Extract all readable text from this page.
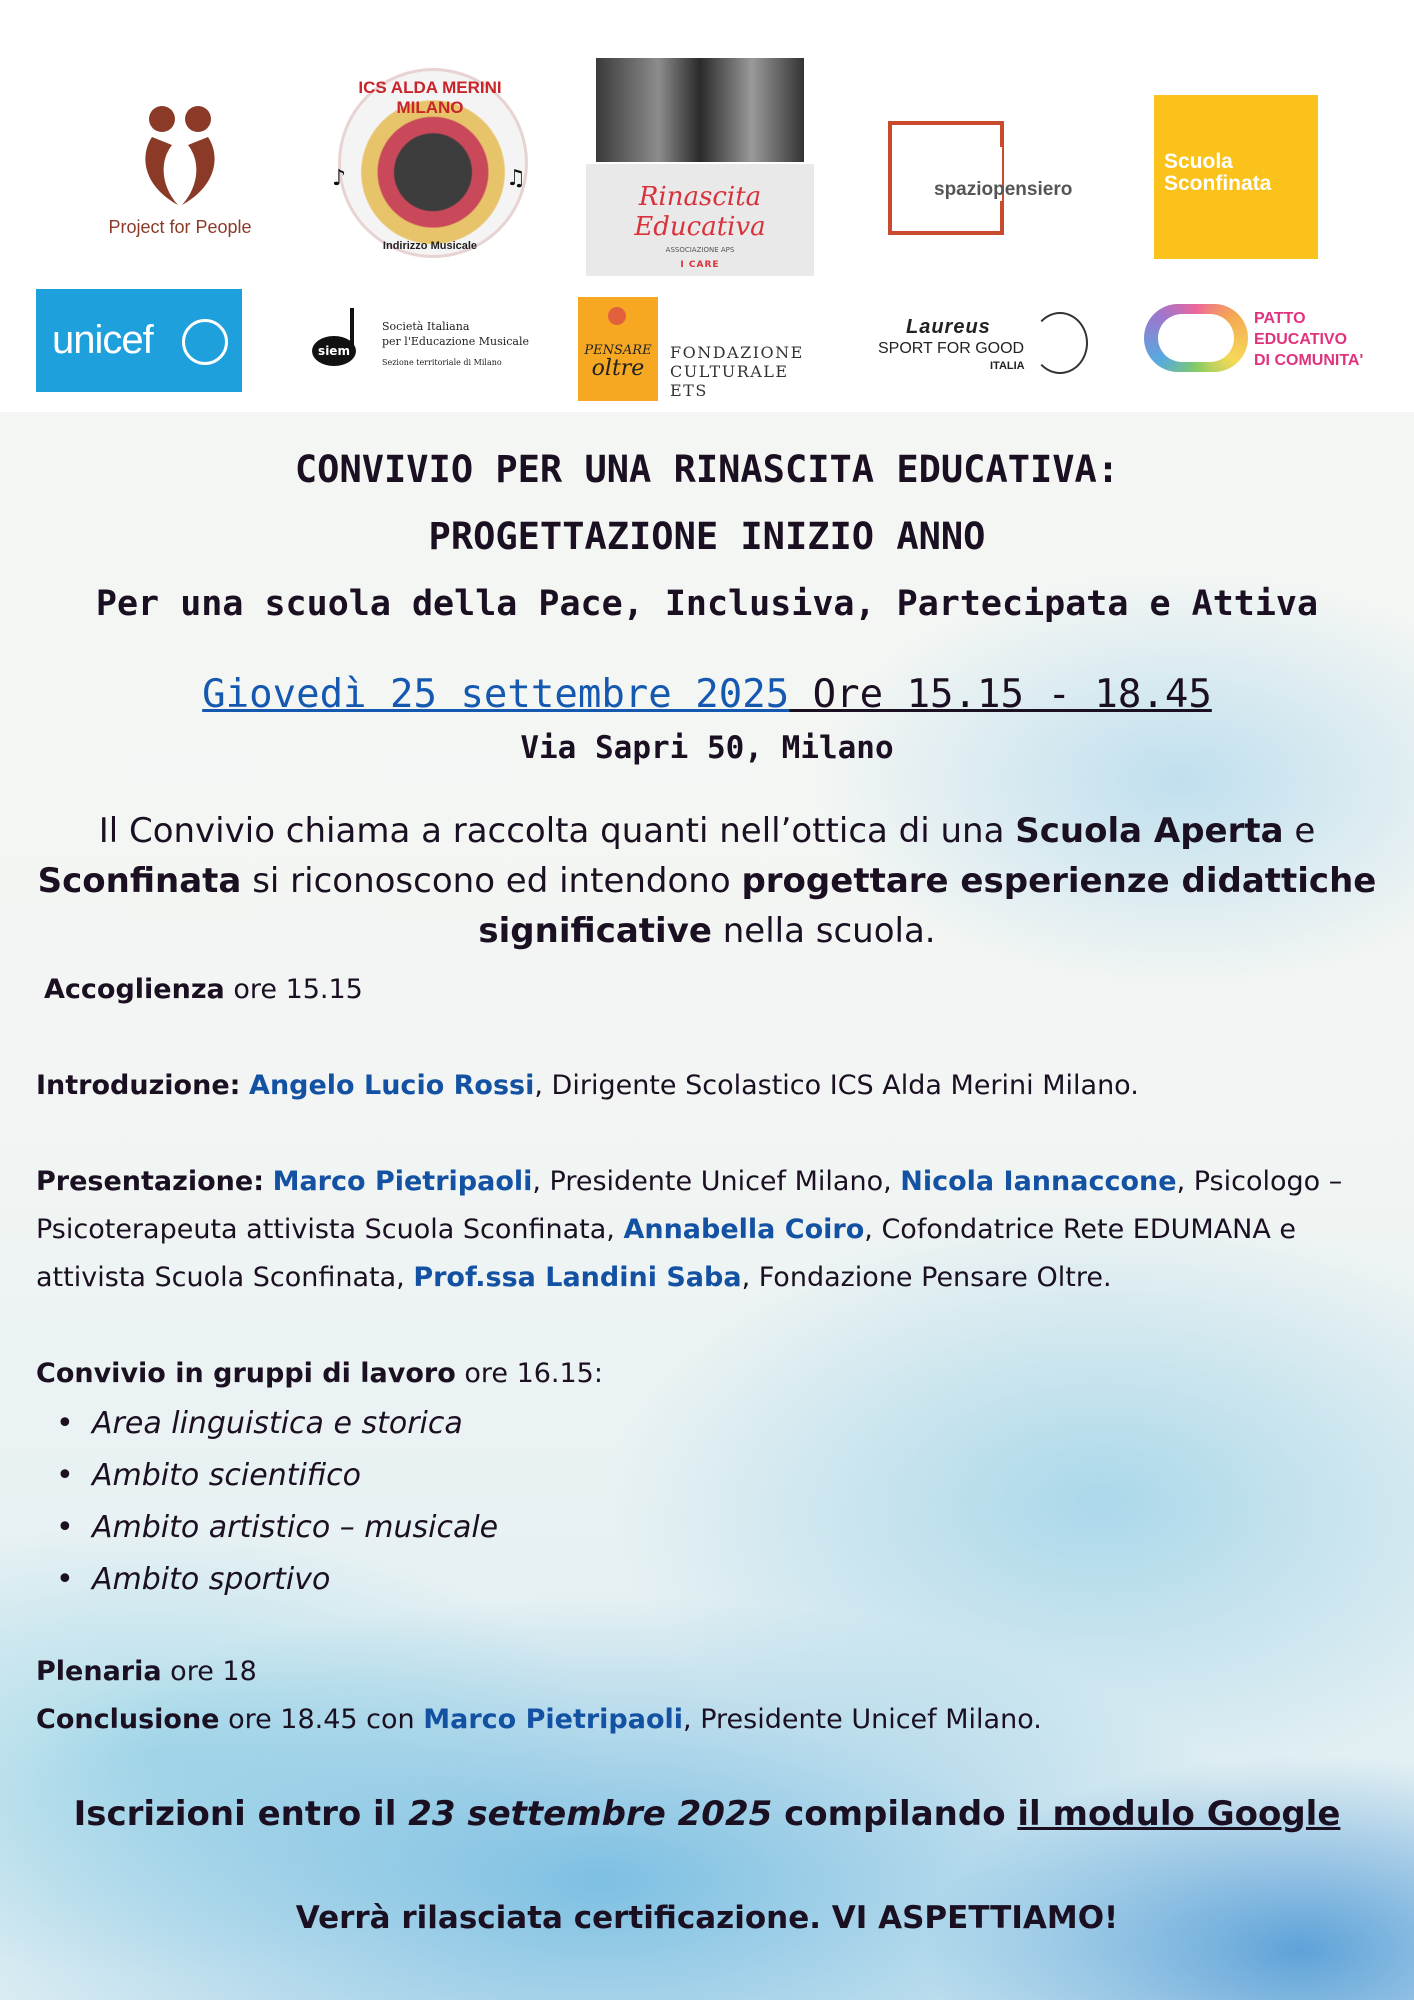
Project for People
ICS ALDA MERINI MILANO
♪	♫
Indirizzo Musicale
Rinascita Educativa
ASSOCIAZIONE APS
I CARE
spaziopensiero
Scuola
Sconfinata
unicef	siem
Società Italiana
per l'Educazione Musicale
Sezione territoriale di Milano
PENSARE
oltre
FONDAZIONE
CULTURALE ETS
Laureus
SPORT FOR GOOD
ITALIA
PATTO
EDUCATIVO
DI COMUNITA'
CONVIVIO PER UNA RINASCITA EDUCATIVA:
PROGETTAZIONE INIZIO ANNO
Per una scuola della Pace, Inclusiva, Partecipata e Attiva
Giovedì 25 settembre 2025 Ore 15.15 - 18.45
Via Sapri 50, Milano
Il Convivio chiama a raccolta quanti nell’ottica di una Scuola Aperta e Sconfinata si riconoscono ed intendono progettare esperienze didattiche significative nella scuola.
Accoglienza ore 15.15
Introduzione: Angelo Lucio Rossi, Dirigente Scolastico ICS Alda Merini Milano.
Presentazione: Marco Pietripaoli, Presidente Unicef Milano, Nicola Iannaccone, Psicologo – Psicoterapeuta attivista Scuola Sconfinata, Annabella Coiro, Cofondatrice Rete EDUMANA e attivista Scuola Sconfinata, Prof.ssa Landini Saba, Fondazione Pensare Oltre.
Convivio in gruppi di lavoro ore 16.15:
• Area linguistica e storica
• Ambito scientifico
• Ambito artistico – musicale
• Ambito sportivo
Plenaria ore 18
Conclusione ore 18.45 con Marco Pietripaoli, Presidente Unicef Milano.
Iscrizioni entro il 23 settembre 2025 compilando il modulo Google
Verrà rilasciata certificazione. VI ASPETTIAMO!
